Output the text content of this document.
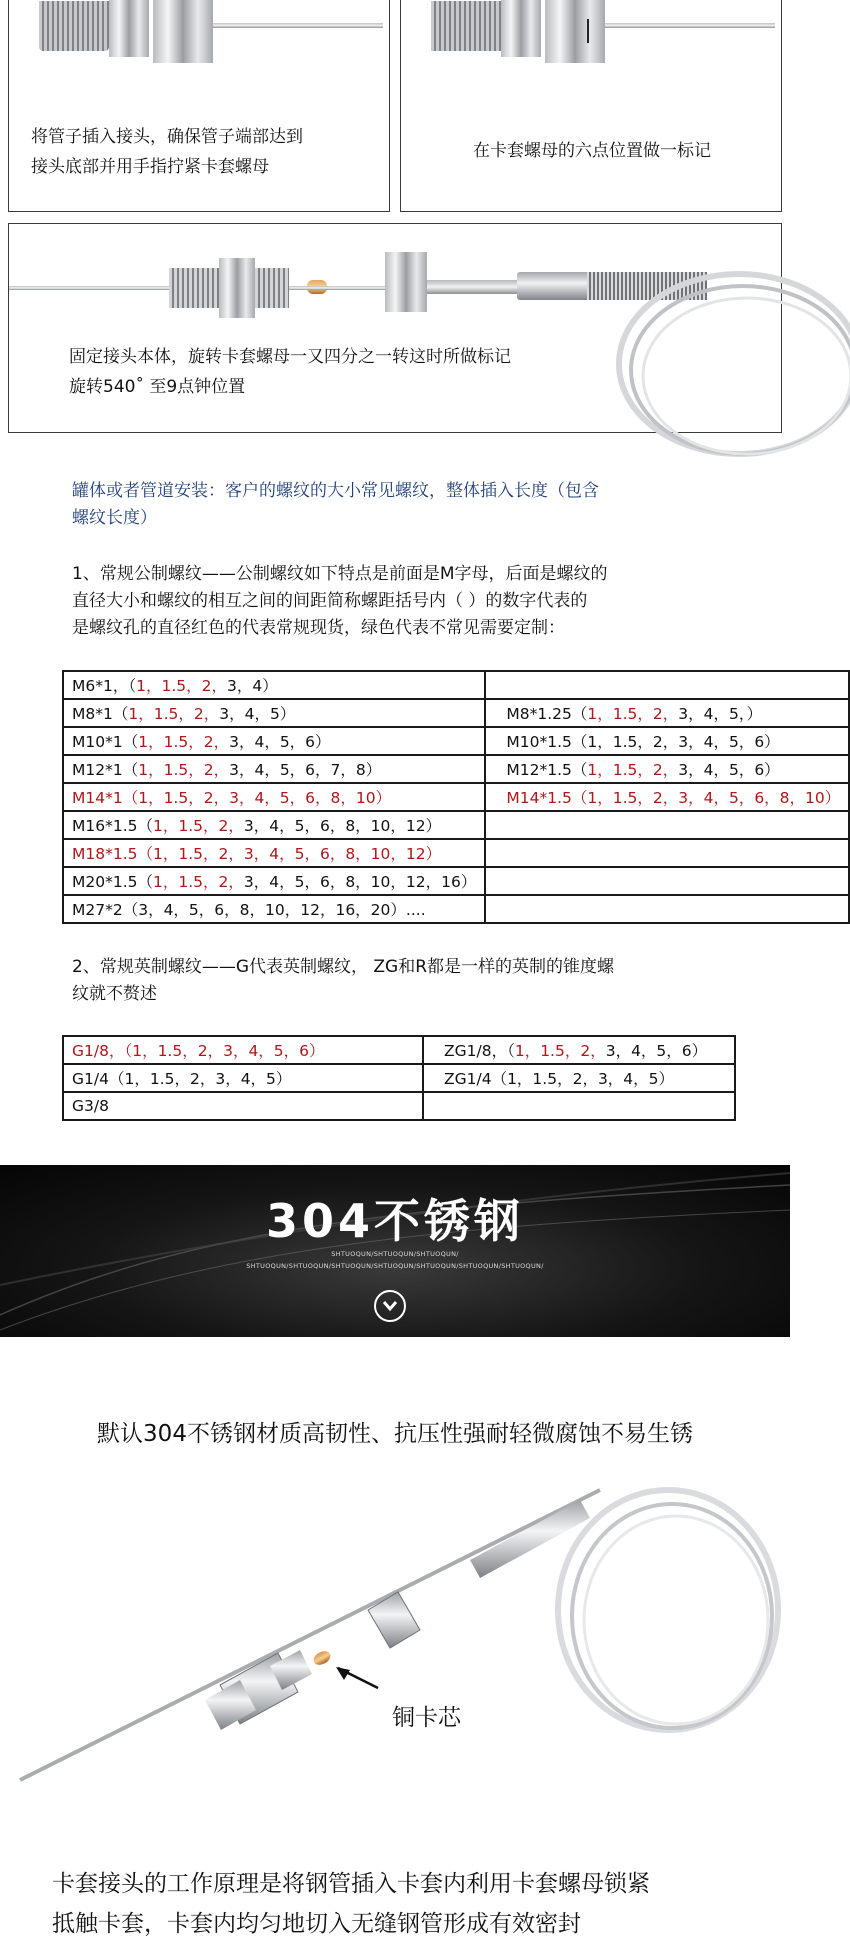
将管子插入接头，确保管子端部达到
接头底部并用手指拧紧卡套螺母
在卡套螺母的六点位置做一标记
固定接头本体，旋转卡套螺母一又四分之一转这时所做标记
旋转540˚ 至9点钟位置
罐体或者管道安装：客户的螺纹的大小常见螺纹，整体插入长度（包含
螺纹长度）
1、常规公制螺纹——公制螺纹如下特点是前面是M字母，后面是螺纹的
直径大小和螺纹的相互之间的间距简称螺距括号内（ ）的数字代表的
是螺纹孔的直径红色的代表常规现货，绿色代表不常见需要定制：
M6*1，（1，1.5，2，3，4）	
M8*1（1，1.5，2，3，4，5）	M8*1.25（1，1.5，2，3，4，5，）
M10*1（1，1.5，2，3，4，5，6）	M10*1.5（1，1.5，2，3，4，5，6）
M12*1（1，1.5，2，3，4，5，6，7，8）	M12*1.5（1，1.5，2，3，4，5，6）
M14*1（1，1.5，2，3，4，5，6，8，10）	M14*1.5（1，1.5，2，3，4，5，6，8，10）
M16*1.5（1，1.5，2，3，4，5，6，8，10，12）	
M18*1.5（1，1.5，2，3，4，5，6，8，10，12）	
M20*1.5（1，1.5，2，3，4，5，6，8，10，12，16）	
M27*2（3，4，5，6，8，10，12，16，20）....	
2、常规英制螺纹——G代表英制螺纹， ZG和R都是一样的英制的锥度螺
纹就不赘述
G1/8，（1，1.5，2，3，4，5，6）	ZG1/8，（1，1.5，2，3，4，5，6）
G1/4（1，1.5，2，3，4，5）	ZG1/4（1，1.5，2，3，4，5）
G3/8	
304不锈钢
SHTUOQUN/SHTUOQUN/SHTUOQUN/
SHTUOQUN/SHTUOQUN/SHTUOQUN/SHTUOQUN/SHTUOQUN/SHTUOQUN/SHTUOQUN/
默认304不锈钢材质高韧性、抗压性强耐轻微腐蚀不易生锈
铜卡芯
卡套接头的工作原理是将钢管插入卡套内利用卡套螺母锁紧
抵触卡套，卡套内均匀地切入无缝钢管形成有效密封
